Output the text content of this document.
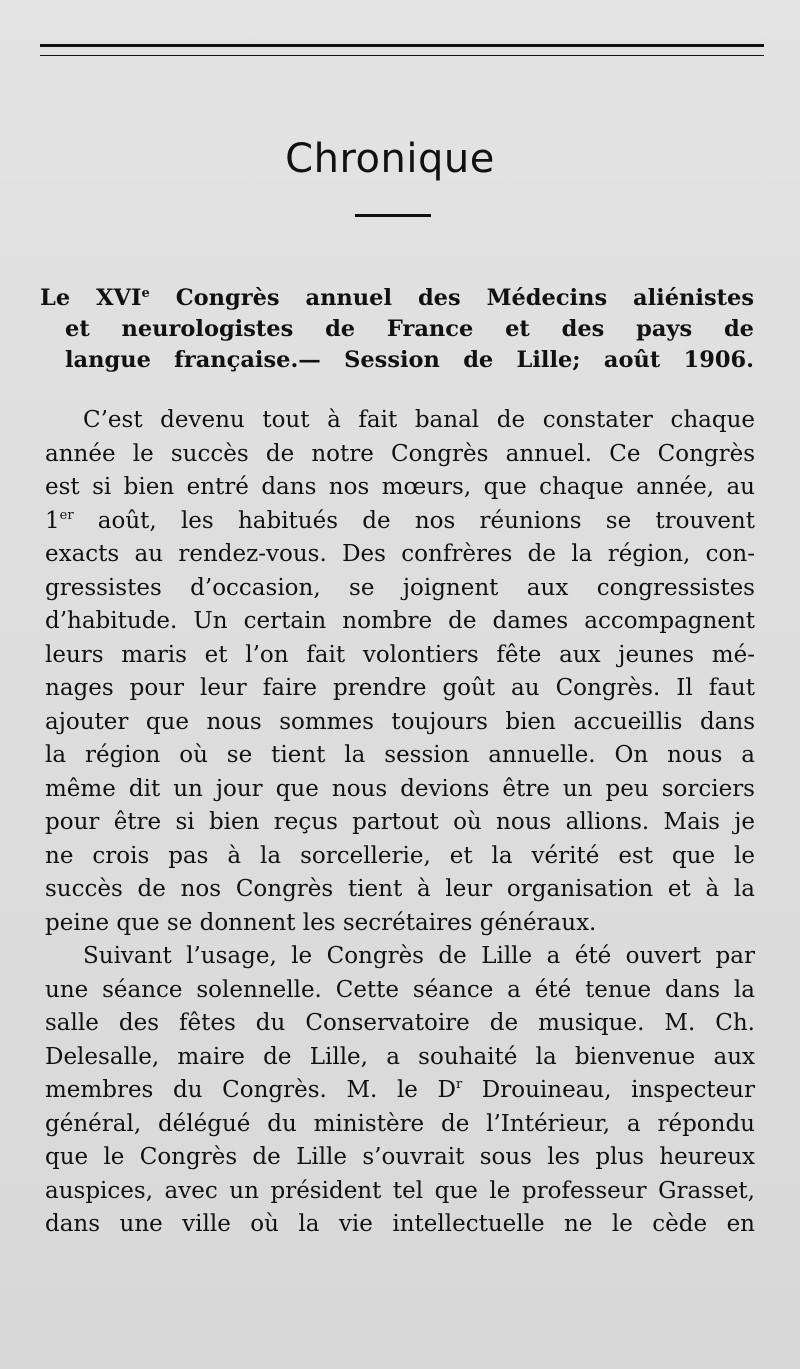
Chronique
Le XVIe Congrès annuel des Médecins aliénistes
et neurologistes de France et des pays de
langue française.— Session de Lille; août 1906.
C’est devenu tout à fait banal de constater chaque
année le succès de notre Congrès annuel. Ce Congrès
est si bien entré dans nos mœurs, que chaque année, au
1er août, les habitués de nos réunions se trouvent
exacts au rendez-vous. Des confrères de la région, con-
gressistes d’occasion, se joignent aux congressistes
d’habitude. Un certain nombre de dames accompagnent
leurs maris et l’on fait volontiers fête aux jeunes mé-
nages pour leur faire prendre goût au Congrès. Il faut
ajouter que nous sommes toujours bien accueillis dans
la région où se tient la session annuelle. On nous a
même dit un jour que nous devions être un peu sorciers
pour être si bien reçus partout où nous allions. Mais je
ne crois pas à la sorcellerie, et la vérité est que le
succès de nos Congrès tient à leur organisation et à la
peine que se donnent les secrétaires généraux.
Suivant l’usage, le Congrès de Lille a été ouvert par
une séance solennelle. Cette séance a été tenue dans la
salle des fêtes du Conservatoire de musique. M. Ch.
Delesalle, maire de Lille, a souhaité la bienvenue aux
membres du Congrès. M. le $D^r$ Drouineau, inspecteur
général, délégué du ministère de l’Intérieur, a répondu
que le Congrès de Lille s’ouvrait sous les plus heureux
auspices, avec un président tel que le professeur Grasset,
dans une ville où la vie intellectuelle ne le cède en
